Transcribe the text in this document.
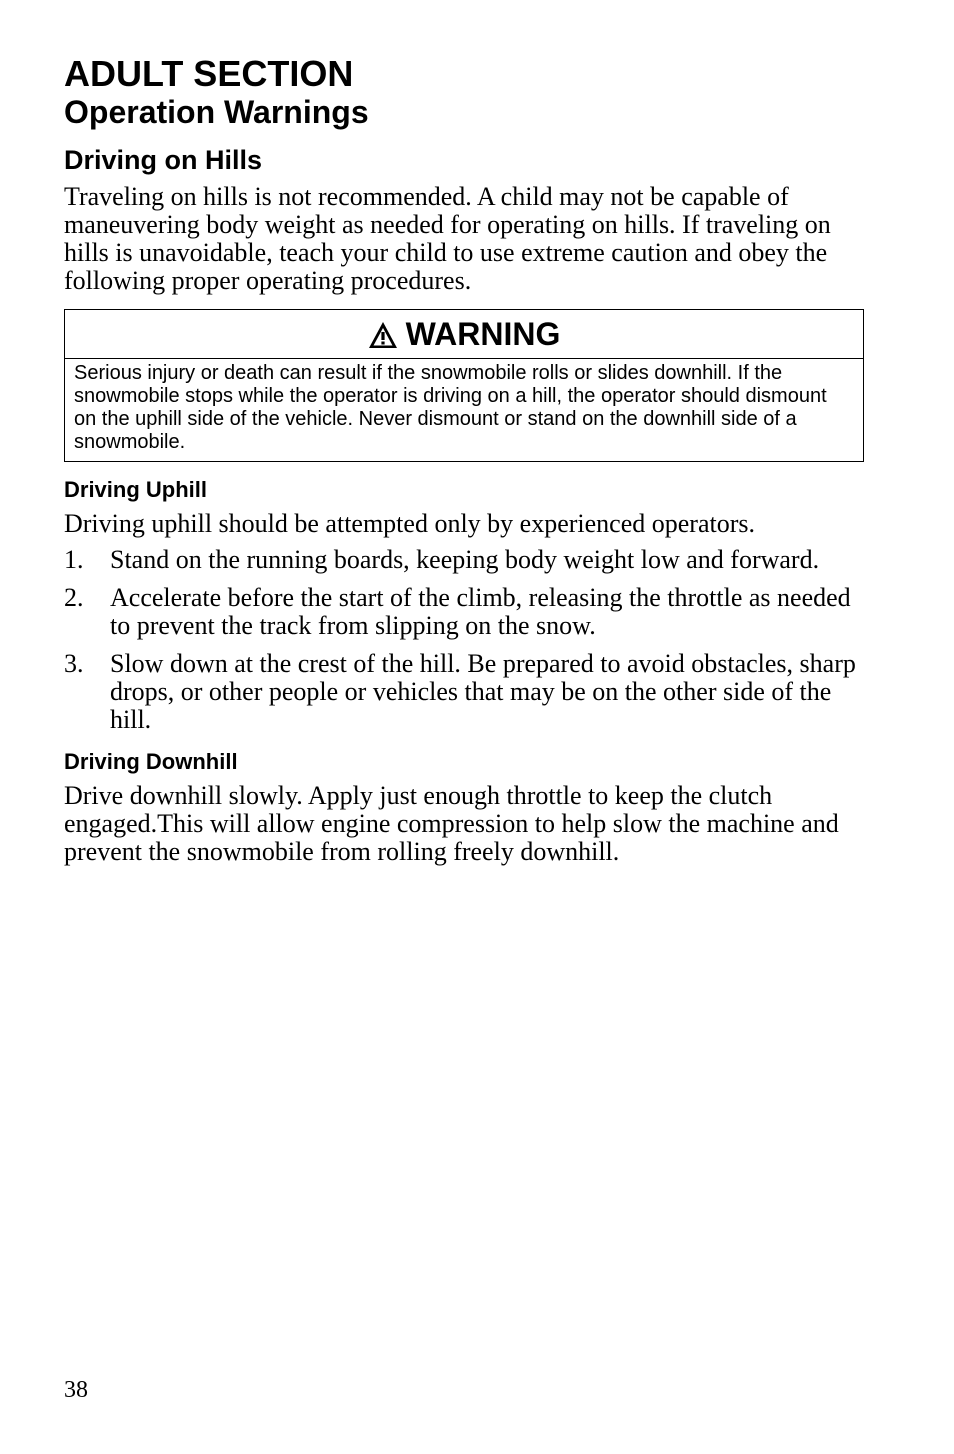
ADULT SECTION
Operation Warnings
Driving on Hills

Traveling on hills is not recommended. A child may not be capable of maneuvering body weight as needed for operating on hills. If traveling on hills is unavoidable, teach your child to use extreme caution and obey the following proper operating procedures.

WARNING
Serious injury or death can result if the snowmobile rolls or slides downhill. If the snowmobile stops while the operator is driving on a hill, the operator should dismount on the uphill side of the vehicle. Never dismount or stand on the downhill side of a snowmobile.
Driving Uphill

Driving uphill should be attempted only by experienced operators.

1.	Stand on the running boards, keeping body weight low and forward.
2.	Accelerate before the start of the climb, releasing the throttle as needed to prevent the track from slipping on the snow.
3.	Slow down at the crest of the hill. Be prepared to avoid obstacles, sharp drops, or other people or vehicles that may be on the other side of the hill.
Driving Downhill

Drive downhill slowly. Apply just enough throttle to keep the clutch engaged.This will allow engine compression to help slow the machine and prevent the snowmobile from rolling freely downhill.

38
